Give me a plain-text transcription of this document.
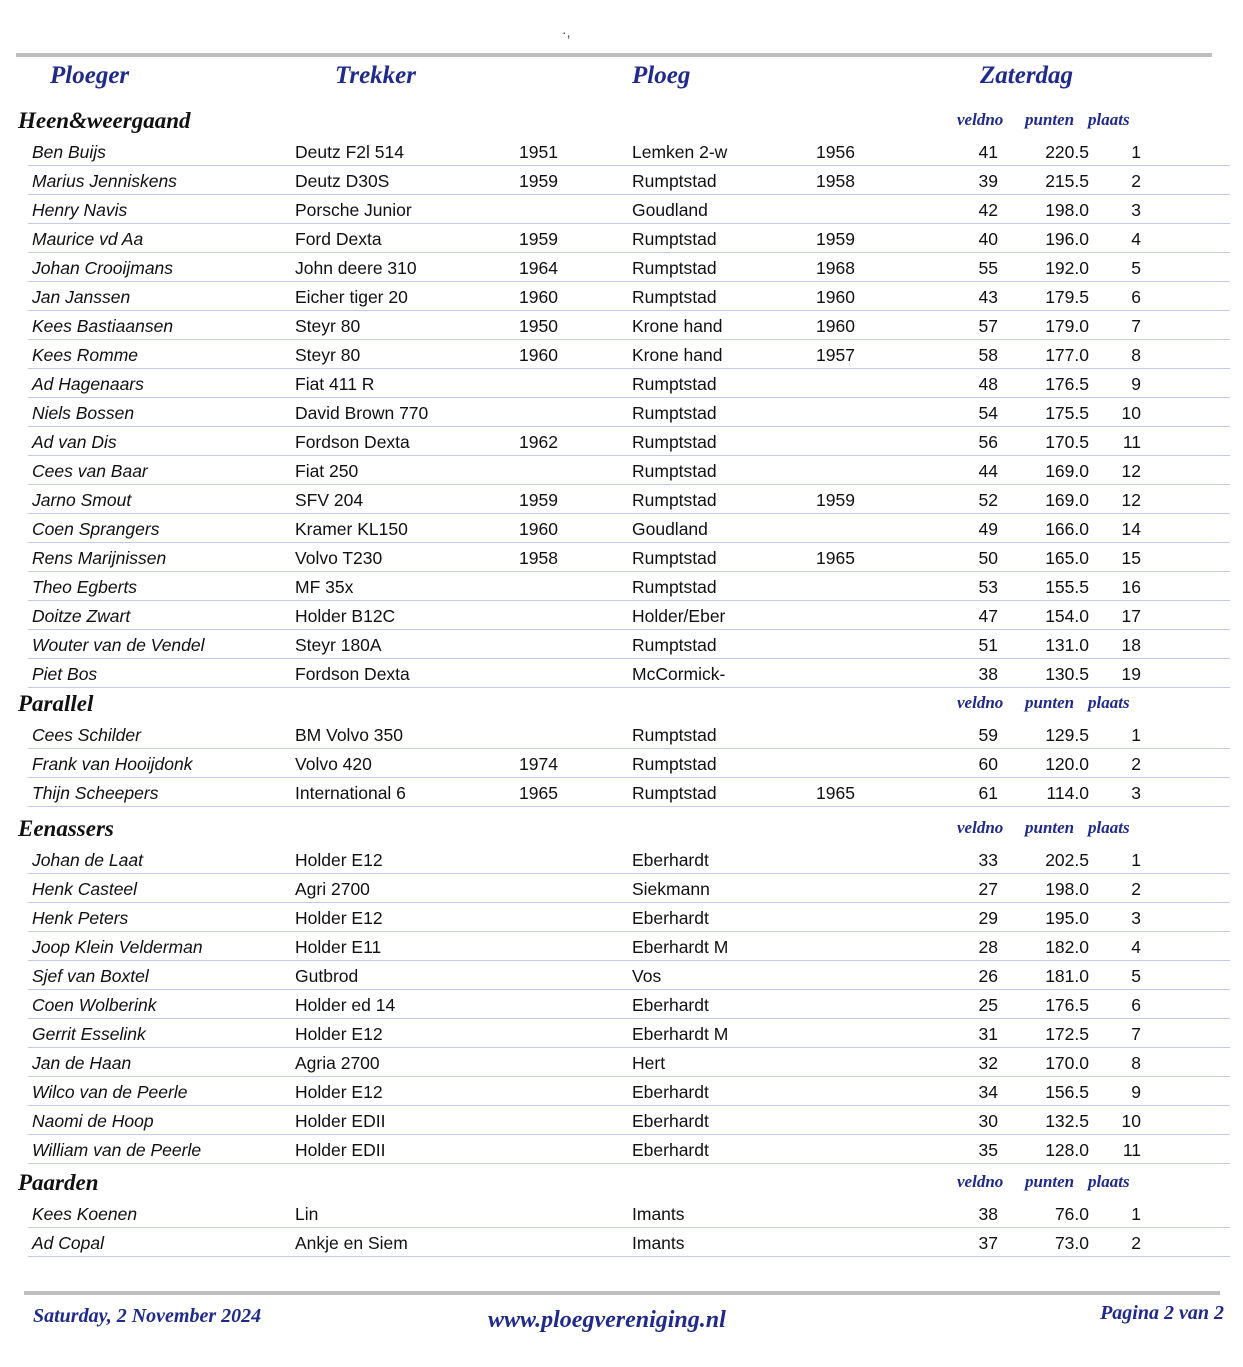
·,
Ploeger	Trekker	Ploeg	Zaterdag
Heen&weergaand	veldno punten plaats
Ben Buijs	Deutz F2l 514	1951	Lemken 2-w	1956	41	220.5 1
Marius Jenniskens	Deutz D30S	1959	Rumptstad	1958	39	215.5 2
Henry Navis	Porsche Junior	Goudland	42	198.0 3
Maurice vd Aa	Ford Dexta	1959	Rumptstad	1959	40	196.0 4
Johan Crooijmans	John deere 310	1964	Rumptstad	1968	55	192.0 5
Jan Janssen	Eicher tiger 20	1960	Rumptstad	1960	43	179.5 6
Kees Bastiaansen	Steyr 80	1950	Krone hand	1960	57	179.0 7
Kees Romme	Steyr 80	1960	Krone hand	1957	58	177.0 8
Ad Hagenaars	Fiat 411 R	Rumptstad	48	176.5 9
Niels Bossen	David Brown 770	Rumptstad	54	175.5 10
Ad van Dis	Fordson Dexta	1962	Rumptstad	56	170.5 11
Cees van Baar	Fiat 250	Rumptstad	44	169.0 12
Jarno Smout	SFV 204	1959	Rumptstad	1959	52	169.0 12
Coen Sprangers	Kramer KL150	1960	Goudland	49	166.0 14
Rens Marijnissen	Volvo T230	1958	Rumptstad	1965	50	165.0 15
Theo Egberts	MF 35x	Rumptstad	53	155.5 16
Doitze Zwart	Holder B12C	Holder/Eber	47	154.0 17
Wouter van de Vendel	Steyr 180A	Rumptstad	51	131.0 18
Piet Bos	Fordson Dexta	McCormick-	38	130.5 19
Parallel	veldno punten plaats
Cees Schilder	BM Volvo 350	Rumptstad	59	129.5 1
Frank van Hooijdonk	Volvo 420	1974	Rumptstad	60	120.0 2
Thijn Scheepers	International 6	1965	Rumptstad	1965	61	114.0 3
Eenassers	veldno punten plaats
Johan de Laat	Holder E12	Eberhardt	33	202.5 1
Henk Casteel	Agri 2700	Siekmann	27	198.0 2
Henk Peters	Holder E12	Eberhardt	29	195.0 3
Joop Klein Velderman	Holder E11	Eberhardt M	28	182.0 4
Sjef van Boxtel	Gutbrod	Vos	26	181.0 5
Coen Wolberink	Holder ed 14	Eberhardt	25	176.5 6
Gerrit Esselink	Holder E12	Eberhardt M	31	172.5 7
Jan de Haan	Agria 2700	Hert	32	170.0 8
Wilco van de Peerle	Holder E12	Eberhardt	34	156.5 9
Naomi de Hoop	Holder EDII	Eberhardt	30	132.5 10
William van de Peerle	Holder EDII	Eberhardt	35	128.0 11
Paarden	veldno punten plaats
Kees Koenen	Lin	Imants	38	76.0 1
Ad Copal	Ankje en Siem	Imants	37	73.0 2
Saturday, 2 November 2024	www.ploegvereniging.nl	Pagina 2 van 2
